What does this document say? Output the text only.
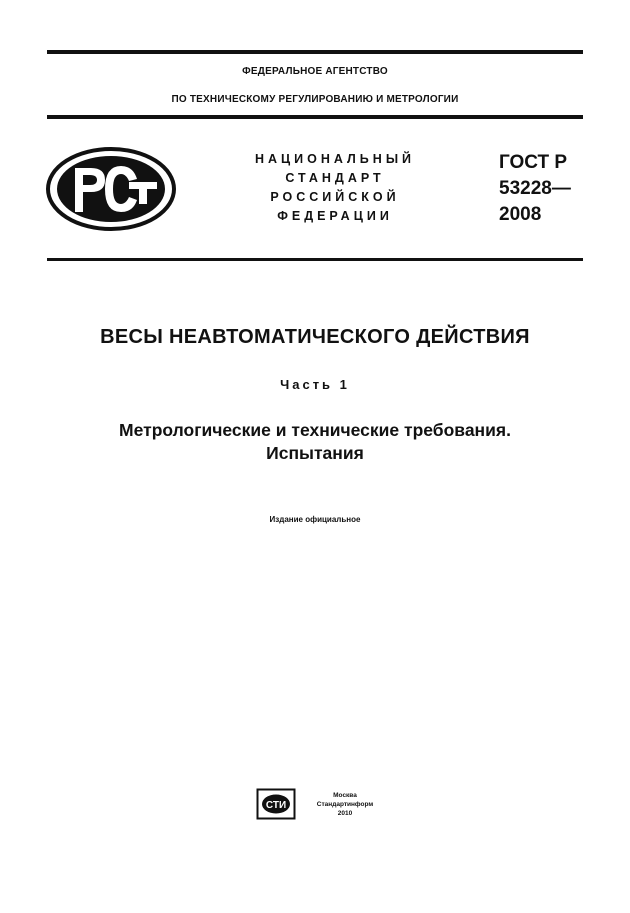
ФЕДЕРАЛЬНОЕ АГЕНТСТВО
ПО ТЕХНИЧЕСКОМУ РЕГУЛИРОВАНИЮ И МЕТРОЛОГИИ
НАЦИОНАЛЬНЫЙ
СТАНДАРТ
РОССИЙСКОЙ
ФЕДЕРАЦИИ
ГОСТ Р
53228—
2008
ВЕСЫ НЕАВТОМАТИЧЕСКОГО ДЕЙСТВИЯ
Часть 1
Метрологические и технические требования.
Испытания
Издание официальное
СТИ
Москва
Стандартинформ
2010
